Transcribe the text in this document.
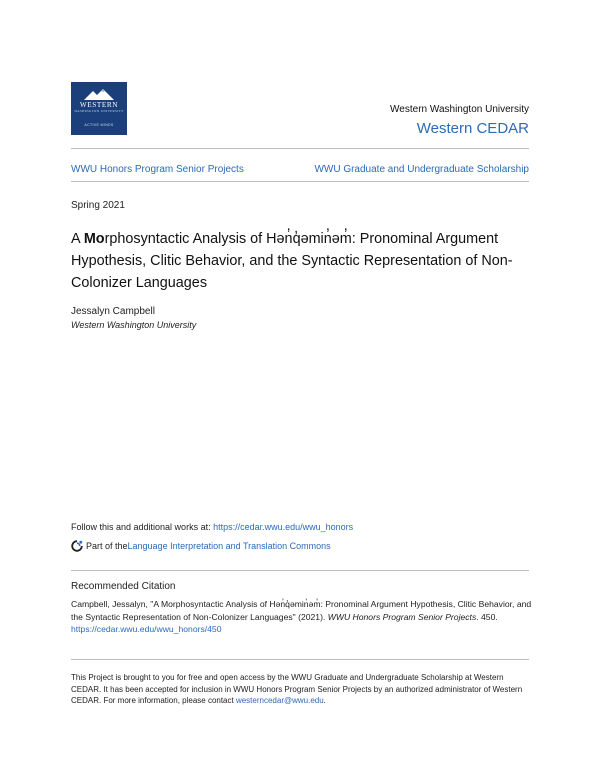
WESTERN
WASHINGTON UNIVERSITY
ACTIVE MINDS
Western Washington University
Western CEDAR
WWU Honors Program Senior Projects	WWU Graduate and Undergraduate Scholarship
Spring 2021
A Morphosyntactic Analysis of Hən̓q̓əmin̓əm̓: Pronominal Argument Hypothesis, Clitic Behavior, and the Syntactic Representation of Non-Colonizer Languages
Jessalyn Campbell
Western Washington University
Follow this and additional works at: https://cedar.wwu.edu/wwu_honors
Part of the Language Interpretation and Translation Commons
Recommended Citation
Campbell, Jessalyn, "A Morphosyntactic Analysis of Hən̓q̓əmin̓əm̓: Pronominal Argument Hypothesis, Clitic Behavior, and the Syntactic Representation of Non-Colonizer Languages" (2021). WWU Honors Program Senior Projects. 450.
https://cedar.wwu.edu/wwu_honors/450
This Project is brought to you for free and open access by the WWU Graduate and Undergraduate Scholarship at Western CEDAR. It has been accepted for inclusion in WWU Honors Program Senior Projects by an authorized administrator of Western CEDAR. For more information, please contact westerncedar@wwu.edu.
